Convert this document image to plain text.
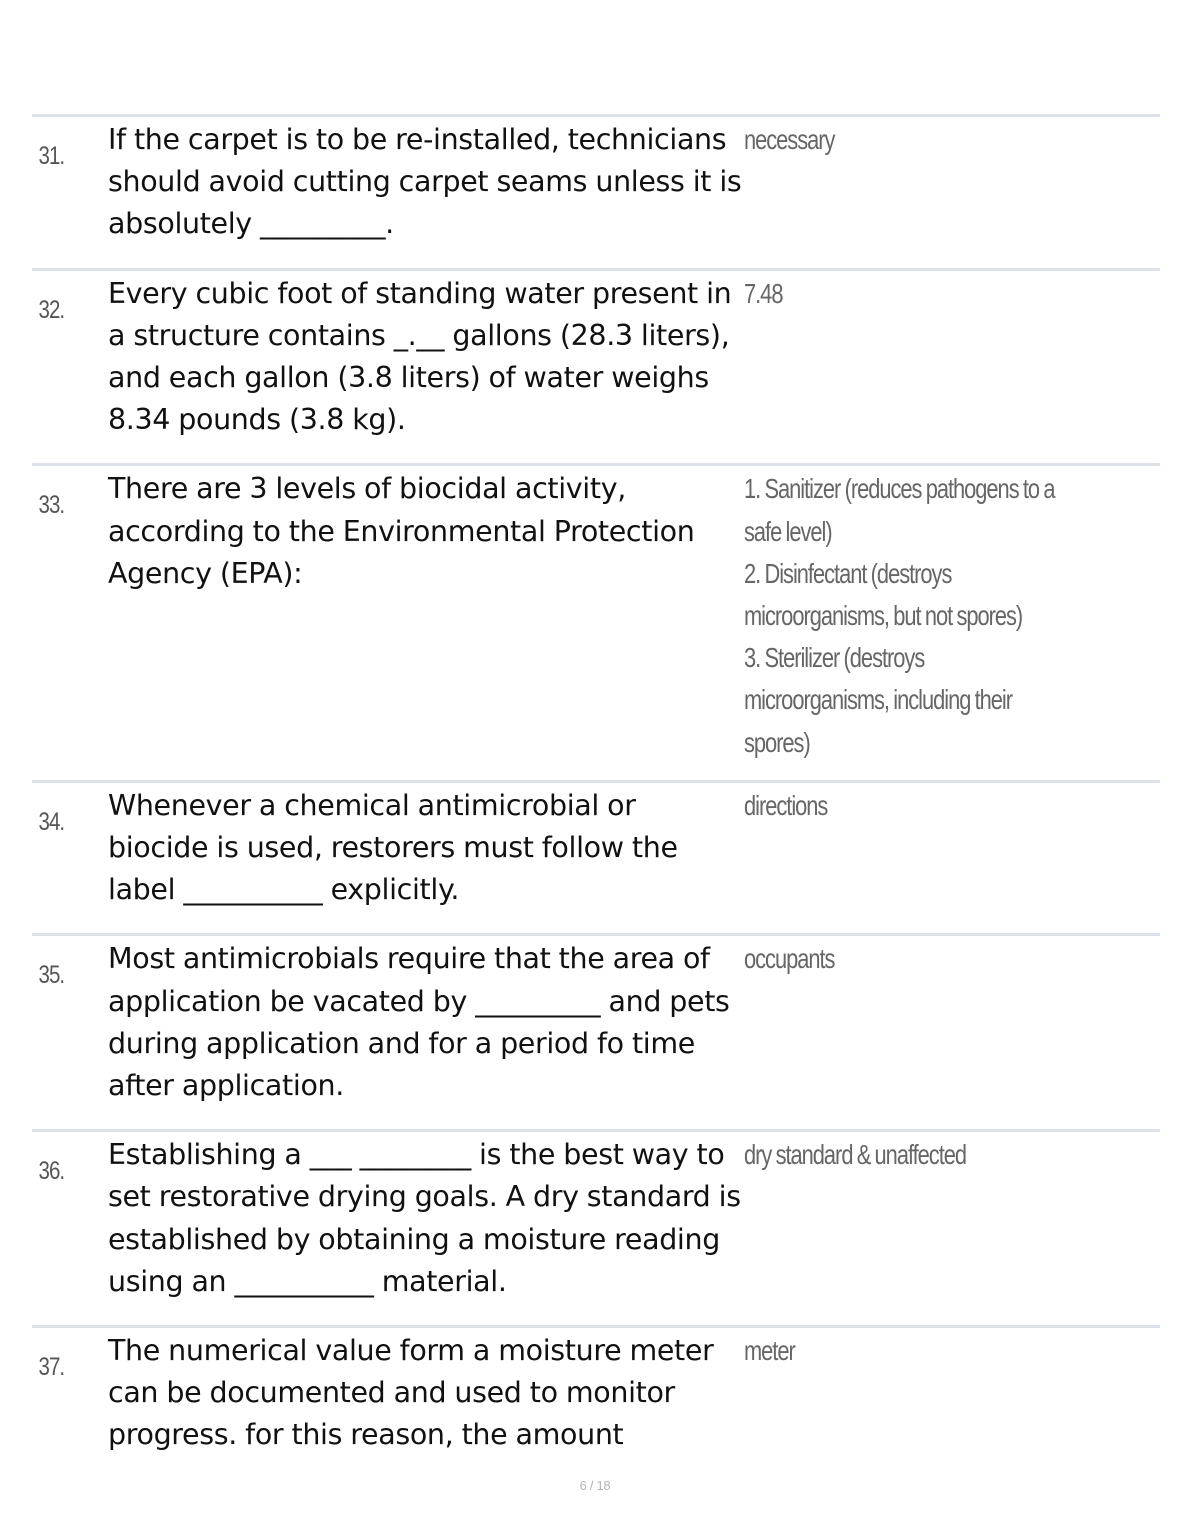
31.	If the carpet is to be re-installed, technicians should avoid cutting carpet seams unless it is absolutely _________.
necessary
32.	Every cubic foot of standing water present in a structure contains _.__ gallons (28.3 liters), and each gallon (3.8 liters) of water weighs 8.34 pounds (3.8 kg).
7.48
33.	There are 3 levels of biocidal activity, according to the Environmental Protection Agency (EPA):
1. Sanitizer (reduces pathogens to a safe level)
2. Disinfectant (destroys microorganisms, but not spores)
3. Sterilizer (destroys microorganisms, including their spores)
34.	Whenever a chemical antimicrobial or biocide is used, restorers must follow the label __________ explicitly.
directions
35.	Most antimicrobials require that the area of application be vacated by _________ and pets during application and for a period fo time after application.
occupants
36.	Establishing a ___ ________ is the best way to set restorative drying goals. A dry standard is established by obtaining a moisture reading using an __________ material.
dry standard & unaffected
37.	The numerical value form a moisture meter can be documented and used to monitor progress. for this reason, the amount
meter
6 / 18
